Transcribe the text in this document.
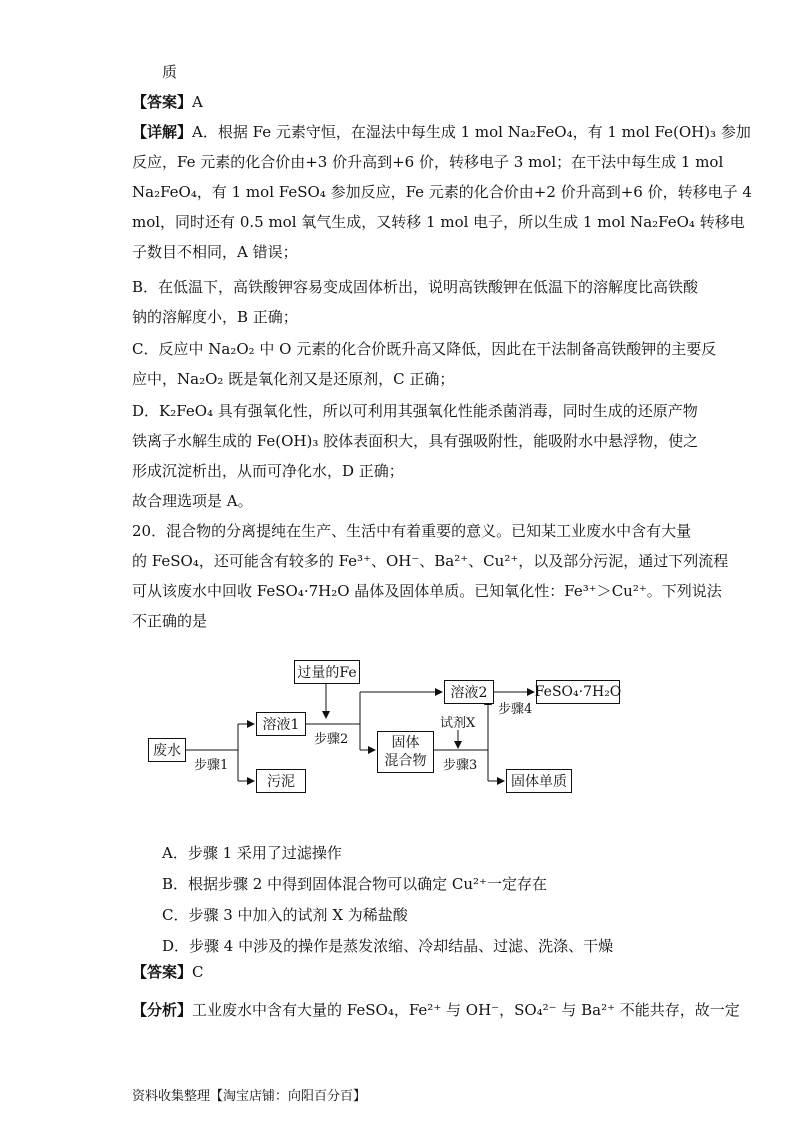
质
【答案】A
【详解】A．根据 Fe 元素守恒，在湿法中每生成 1 mol Na₂FeO₄，有 1 mol Fe(OH)₃ 参加
反应，Fe 元素的化合价由+3 价升高到+6 价，转移电子 3 mol；在干法中每生成 1 mol
Na₂FeO₄，有 1 mol FeSO₄ 参加反应，Fe 元素的化合价由+2 价升高到+6 价，转移电子 4
mol，同时还有 0.5 mol 氧气生成，又转移 1 mol 电子，所以生成 1 mol Na₂FeO₄ 转移电
子数目不相同，A 错误；
B．在低温下，高铁酸钾容易变成固体析出，说明高铁酸钾在低温下的溶解度比高铁酸
钠的溶解度小，B 正确；
C．反应中 Na₂O₂ 中 O 元素的化合价既升高又降低，因此在干法制备高铁酸钾的主要反
应中，Na₂O₂ 既是氧化剂又是还原剂，C 正确；
D．K₂FeO₄ 具有强氧化性，所以可利用其强氧化性能杀菌消毒，同时生成的还原产物
铁离子水解生成的 Fe(OH)₃ 胶体表面积大，具有强吸附性，能吸附水中悬浮物，使之
形成沉淀析出，从而可净化水，D 正确；
故合理选项是 A。
20．混合物的分离提纯在生产、生活中有着重要的意义。已知某工业废水中含有大量
的 FeSO₄，还可能含有较多的 Fe³⁺、OH⁻、Ba²⁺、Cu²⁺，以及部分污泥，通过下列流程
可从该废水中回收 FeSO₄·7H₂O 晶体及固体单质。已知氧化性：Fe³⁺＞Cu²⁺。下列说法
不正确的是
废水
步骤1
溶液1
污泥
过量的Fe
步骤2	固体
混合物
试剂X
步骤3
溶液2
步骤4
FeSO₄·7H₂O
固体单质
A．步骤 1 采用了过滤操作
B．根据步骤 2 中得到固体混合物可以确定 Cu²⁺一定存在
C．步骤 3 中加入的试剂 X 为稀盐酸
D．步骤 4 中涉及的操作是蒸发浓缩、冷却结晶、过滤、洗涤、干燥
【答案】C
【分析】工业废水中含有大量的 FeSO₄，Fe²⁺ 与 OH⁻，SO₄²⁻ 与 Ba²⁺ 不能共存，故一定
资料收集整理【淘宝店铺：向阳百分百】
